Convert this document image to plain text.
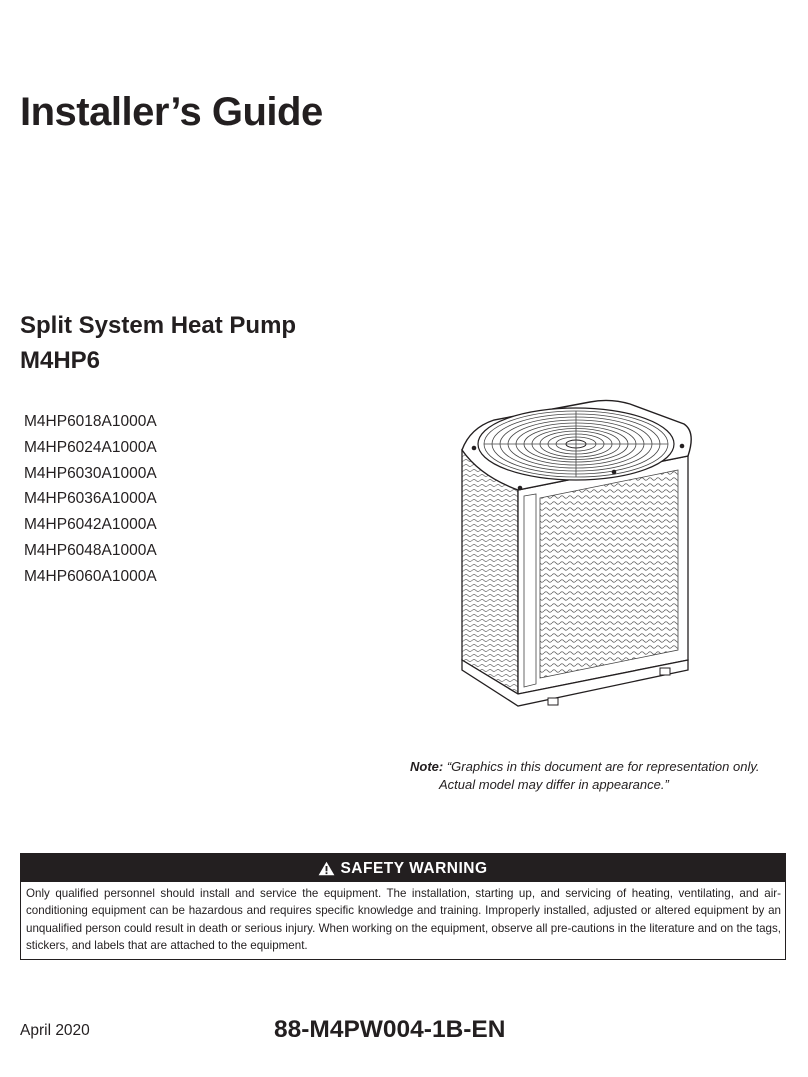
Installer’s Guide
Split System Heat Pump
M4HP6
M4HP6018A1000A
M4HP6024A1000A
M4HP6030A1000A
M4HP6036A1000A
M4HP6042A1000A
M4HP6048A1000A
M4HP6060A1000A
Note: “Graphics in this document are for representation only.
Actual model may differ in appearance.”
SAFETY WARNING
Only qualified personnel should install and service the equipment. The installation, starting up, and servicing of heating, ventilating, and air-conditioning equipment can be hazardous and requires specific knowledge and training. Improperly installed, adjusted or altered equipment by an unqualified person could result in death or serious injury. When working on the equipment, observe all pre-cautions in the literature and on the tags, stickers, and labels that are attached to the equipment.
April 2020	88-M4PW004-1B-EN
